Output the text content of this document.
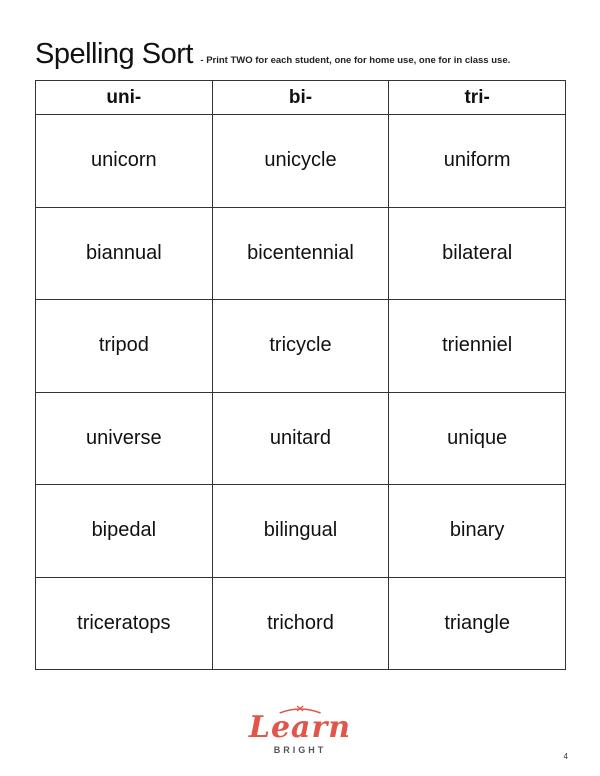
Spelling Sort - Print TWO for each student, one for home use, one for in class use.
uni-	bi-	tri-
unicorn	unicycle	uniform
biannual	bicentennial	bilateral
tripod	tricycle	trienniel
universe	unitard	unique
bipedal	bilingual	binary
triceratops	trichord	triangle
Learn
BRIGHT
4
